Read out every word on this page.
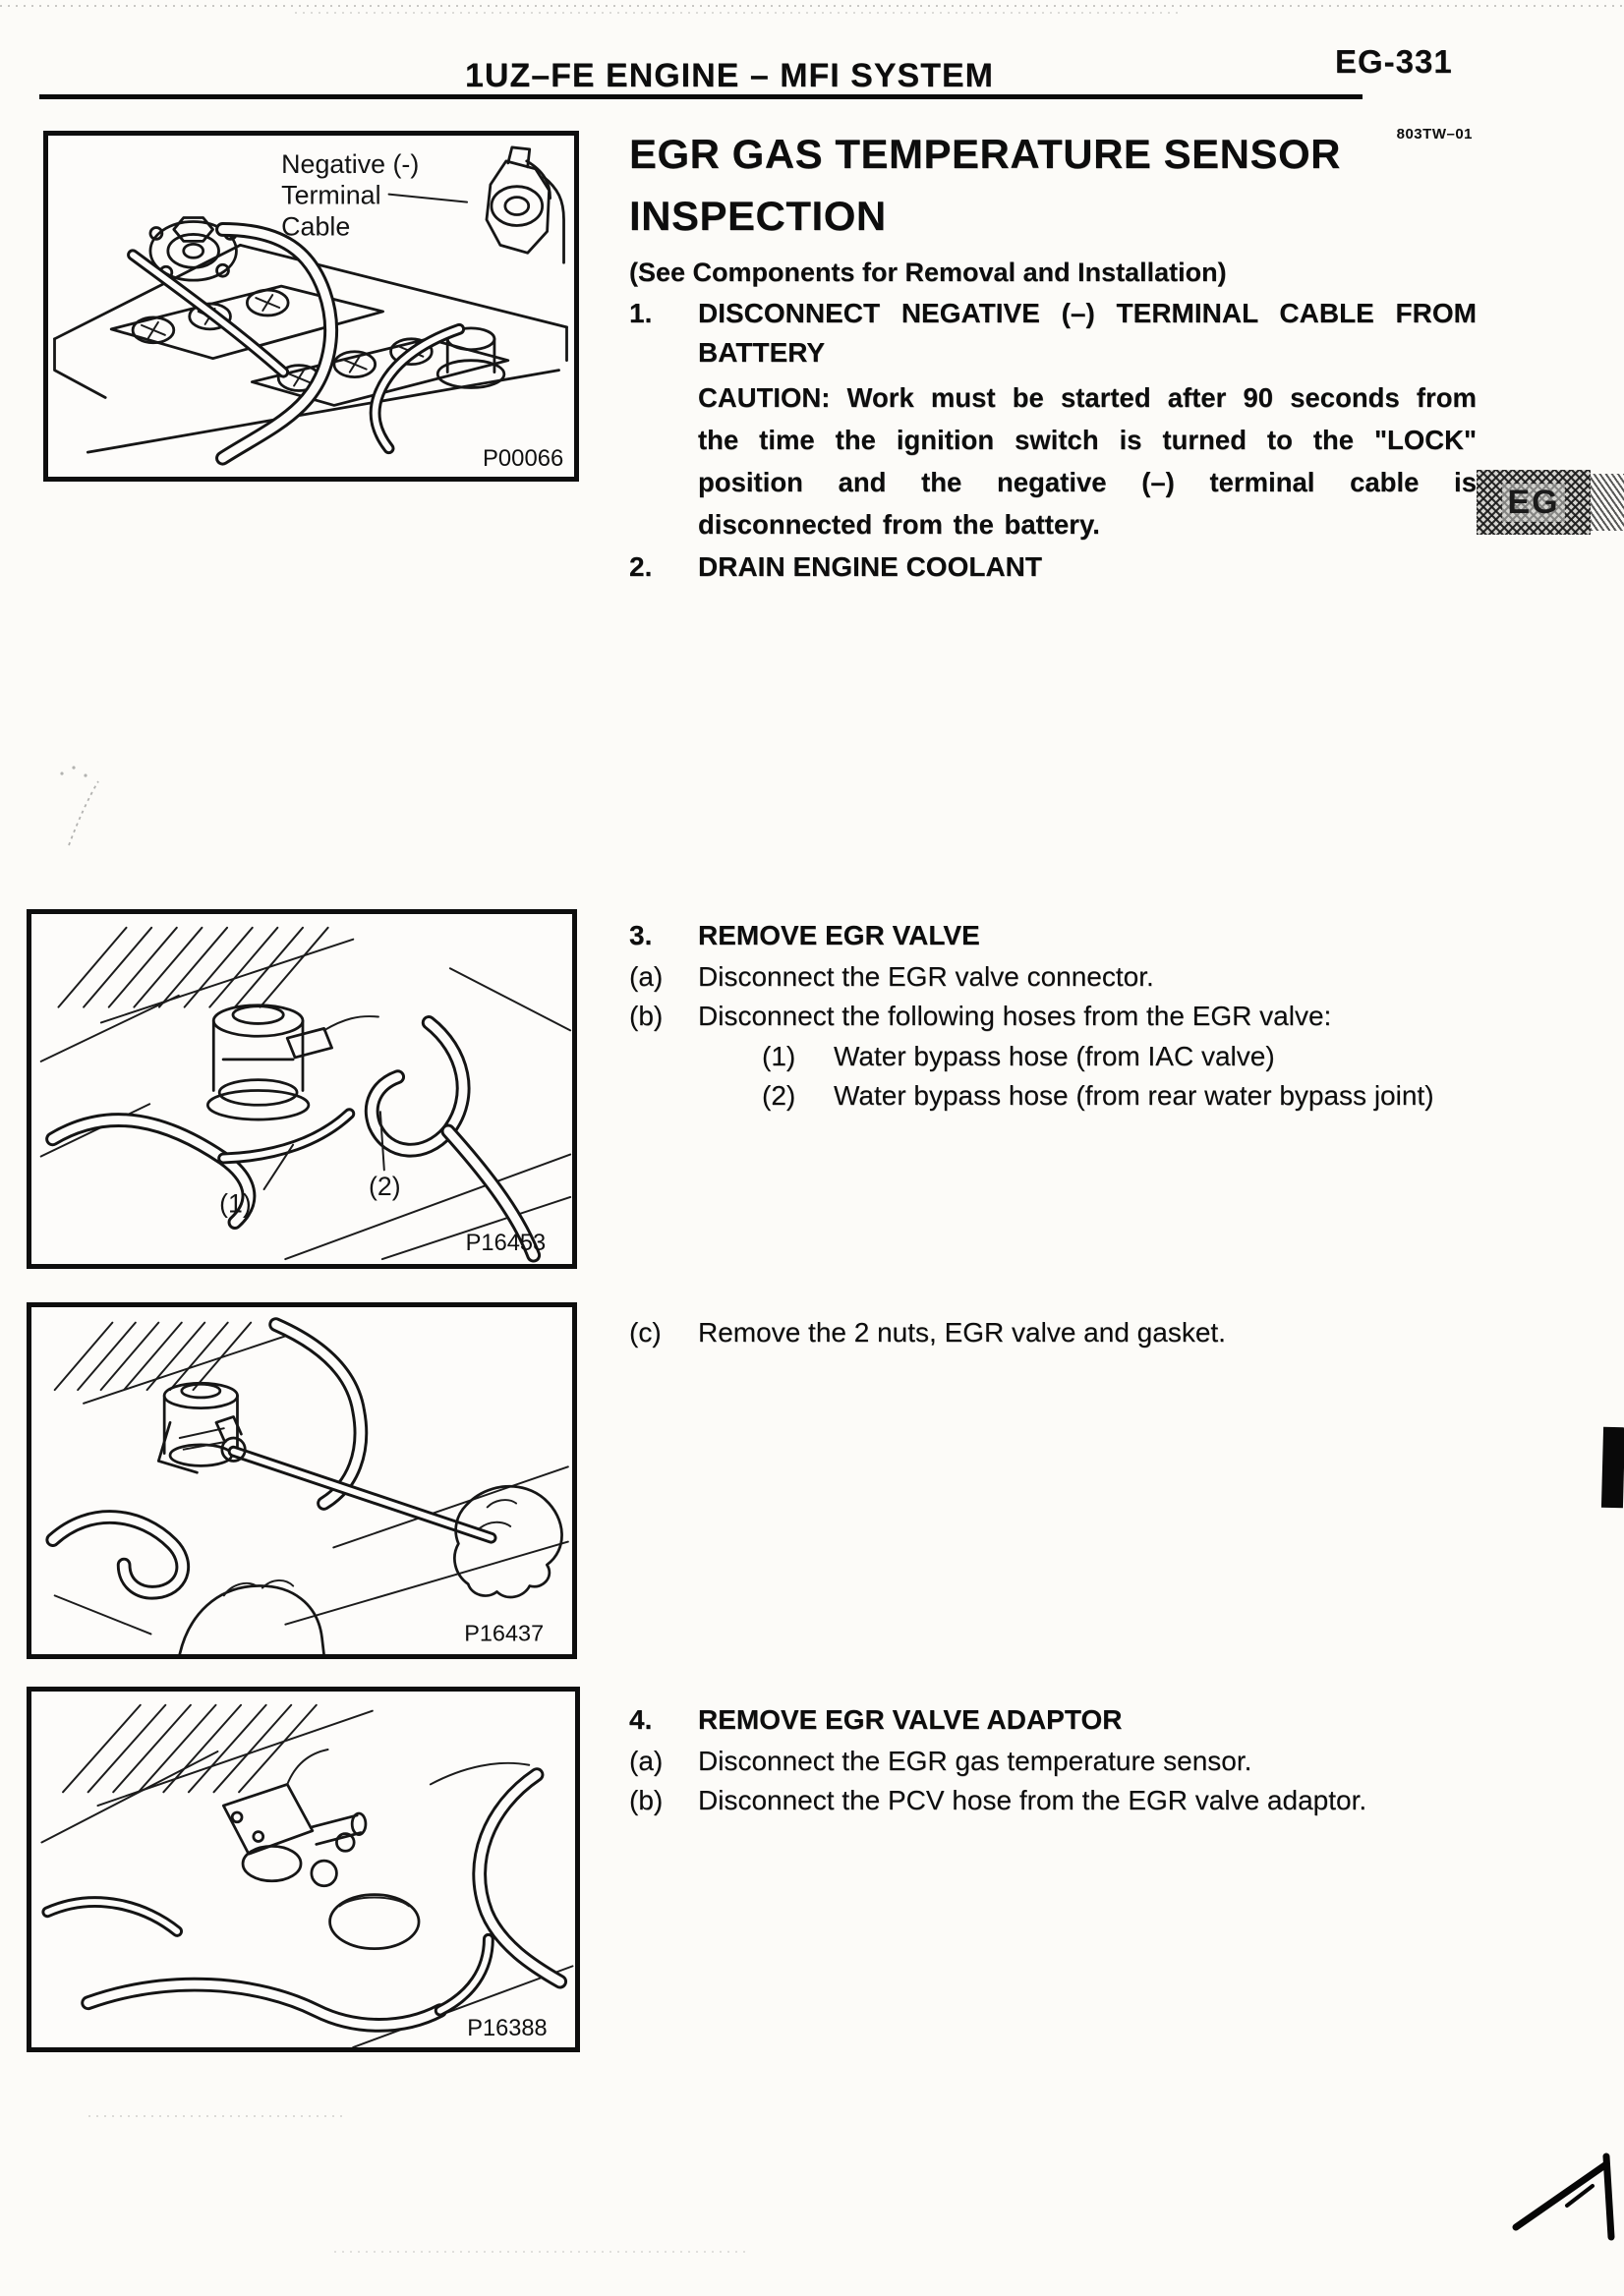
1UZ–FE ENGINE – MFI SYSTEM	EG-331
EGR GAS TEMPERATURE SENSOR
INSPECTION
803TW–01
(See Components for Removal and Installation)
1. DISCONNECT NEGATIVE (–) TERMINAL CABLE FROM BATTERY
CAUTION: Work must be started after 90 seconds from the time the ignition switch is turned to the "LOCK" position and the negative (–) terminal cable is disconnected from the battery.
2. DRAIN ENGINE COOLANT
EG
Negative (-)
Terminal
Cable
P00066
3. REMOVE EGR VALVE
(a) Disconnect the EGR valve connector.
(b) Disconnect the following hoses from the EGR valve:
(1) Water bypass hose (from IAC valve)
(2) Water bypass hose (from rear water bypass joint)
(1)
(2)
P16453
(c) Remove the 2 nuts, EGR valve and gasket.
P16437
4. REMOVE EGR VALVE ADAPTOR
(a) Disconnect the EGR gas temperature sensor.
(b) Disconnect the PCV hose from the EGR valve adaptor.
P16388
